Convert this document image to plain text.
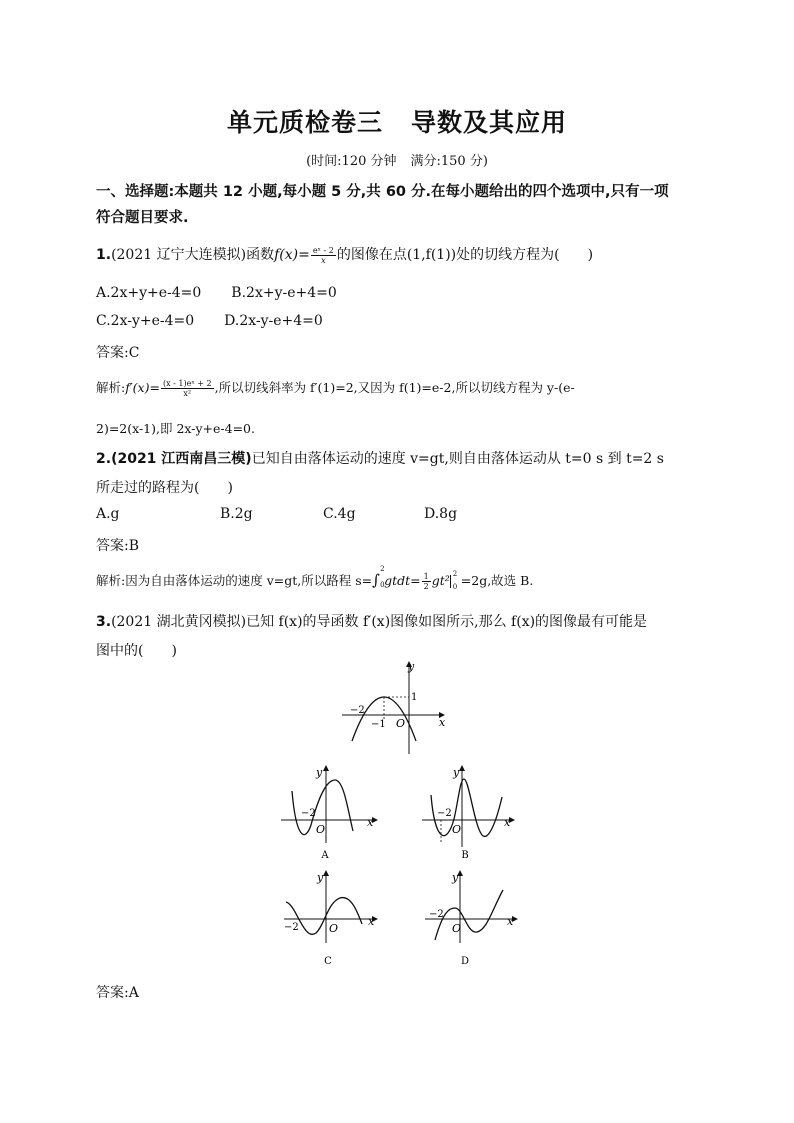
单元质检卷三 导数及其应用
(时间:120 分钟 满分:150 分)
一、选择题:本题共 12 小题,每小题 5 分,共 60 分.在每小题给出的四个选项中,只有一项
符合题目要求.
1.(2021 辽宁大连模拟)函数$f(x)= \frac{\text{eˣ - 2}}{x}$ 的图像在点(1,f(1))处的切线方程为(　　)
A.2x+y+e-4=0 B.2x+y-e+4=0
C.2x-y+e-4=0 D.2x-y-e+4=0
答案:C
解析:f′(x)= $\frac{\text{(x - 1)eˣ + 2}}{\text{x²}}$ ,所以切线斜率为 f′(1)=2,又因为 f(1)=e-2,所以切线方程为 y-(e-
2)=2(x-1),即 2x-y+e-4=0.
2.(2021 江西南昌三模)已知自由落体运动的速度 v=gt,则自由落体运动从 t=0 s 到 t=2 s
所走过的路程为(　　)
A.g	B.2g	C.4g	D.8g
答案:B
解析:因为自由落体运动的速度 v=gt,所以路程 s=∫
2
0 gtdt= $\frac{1}{2} gt^2$ 2
0 =2g,故选 B.
3.(2021 湖北黄冈模拟)已知 f(x)的导函数 f′(x)图像如图所示,那么 f(x)的图像最有可能是
图中的(　　)
y
x
1
−2
−1 O
y
x
−2
O
A
y
x
−2
O
B
y
x
−2	O
C
y
x
−2
O
D
答案:A
